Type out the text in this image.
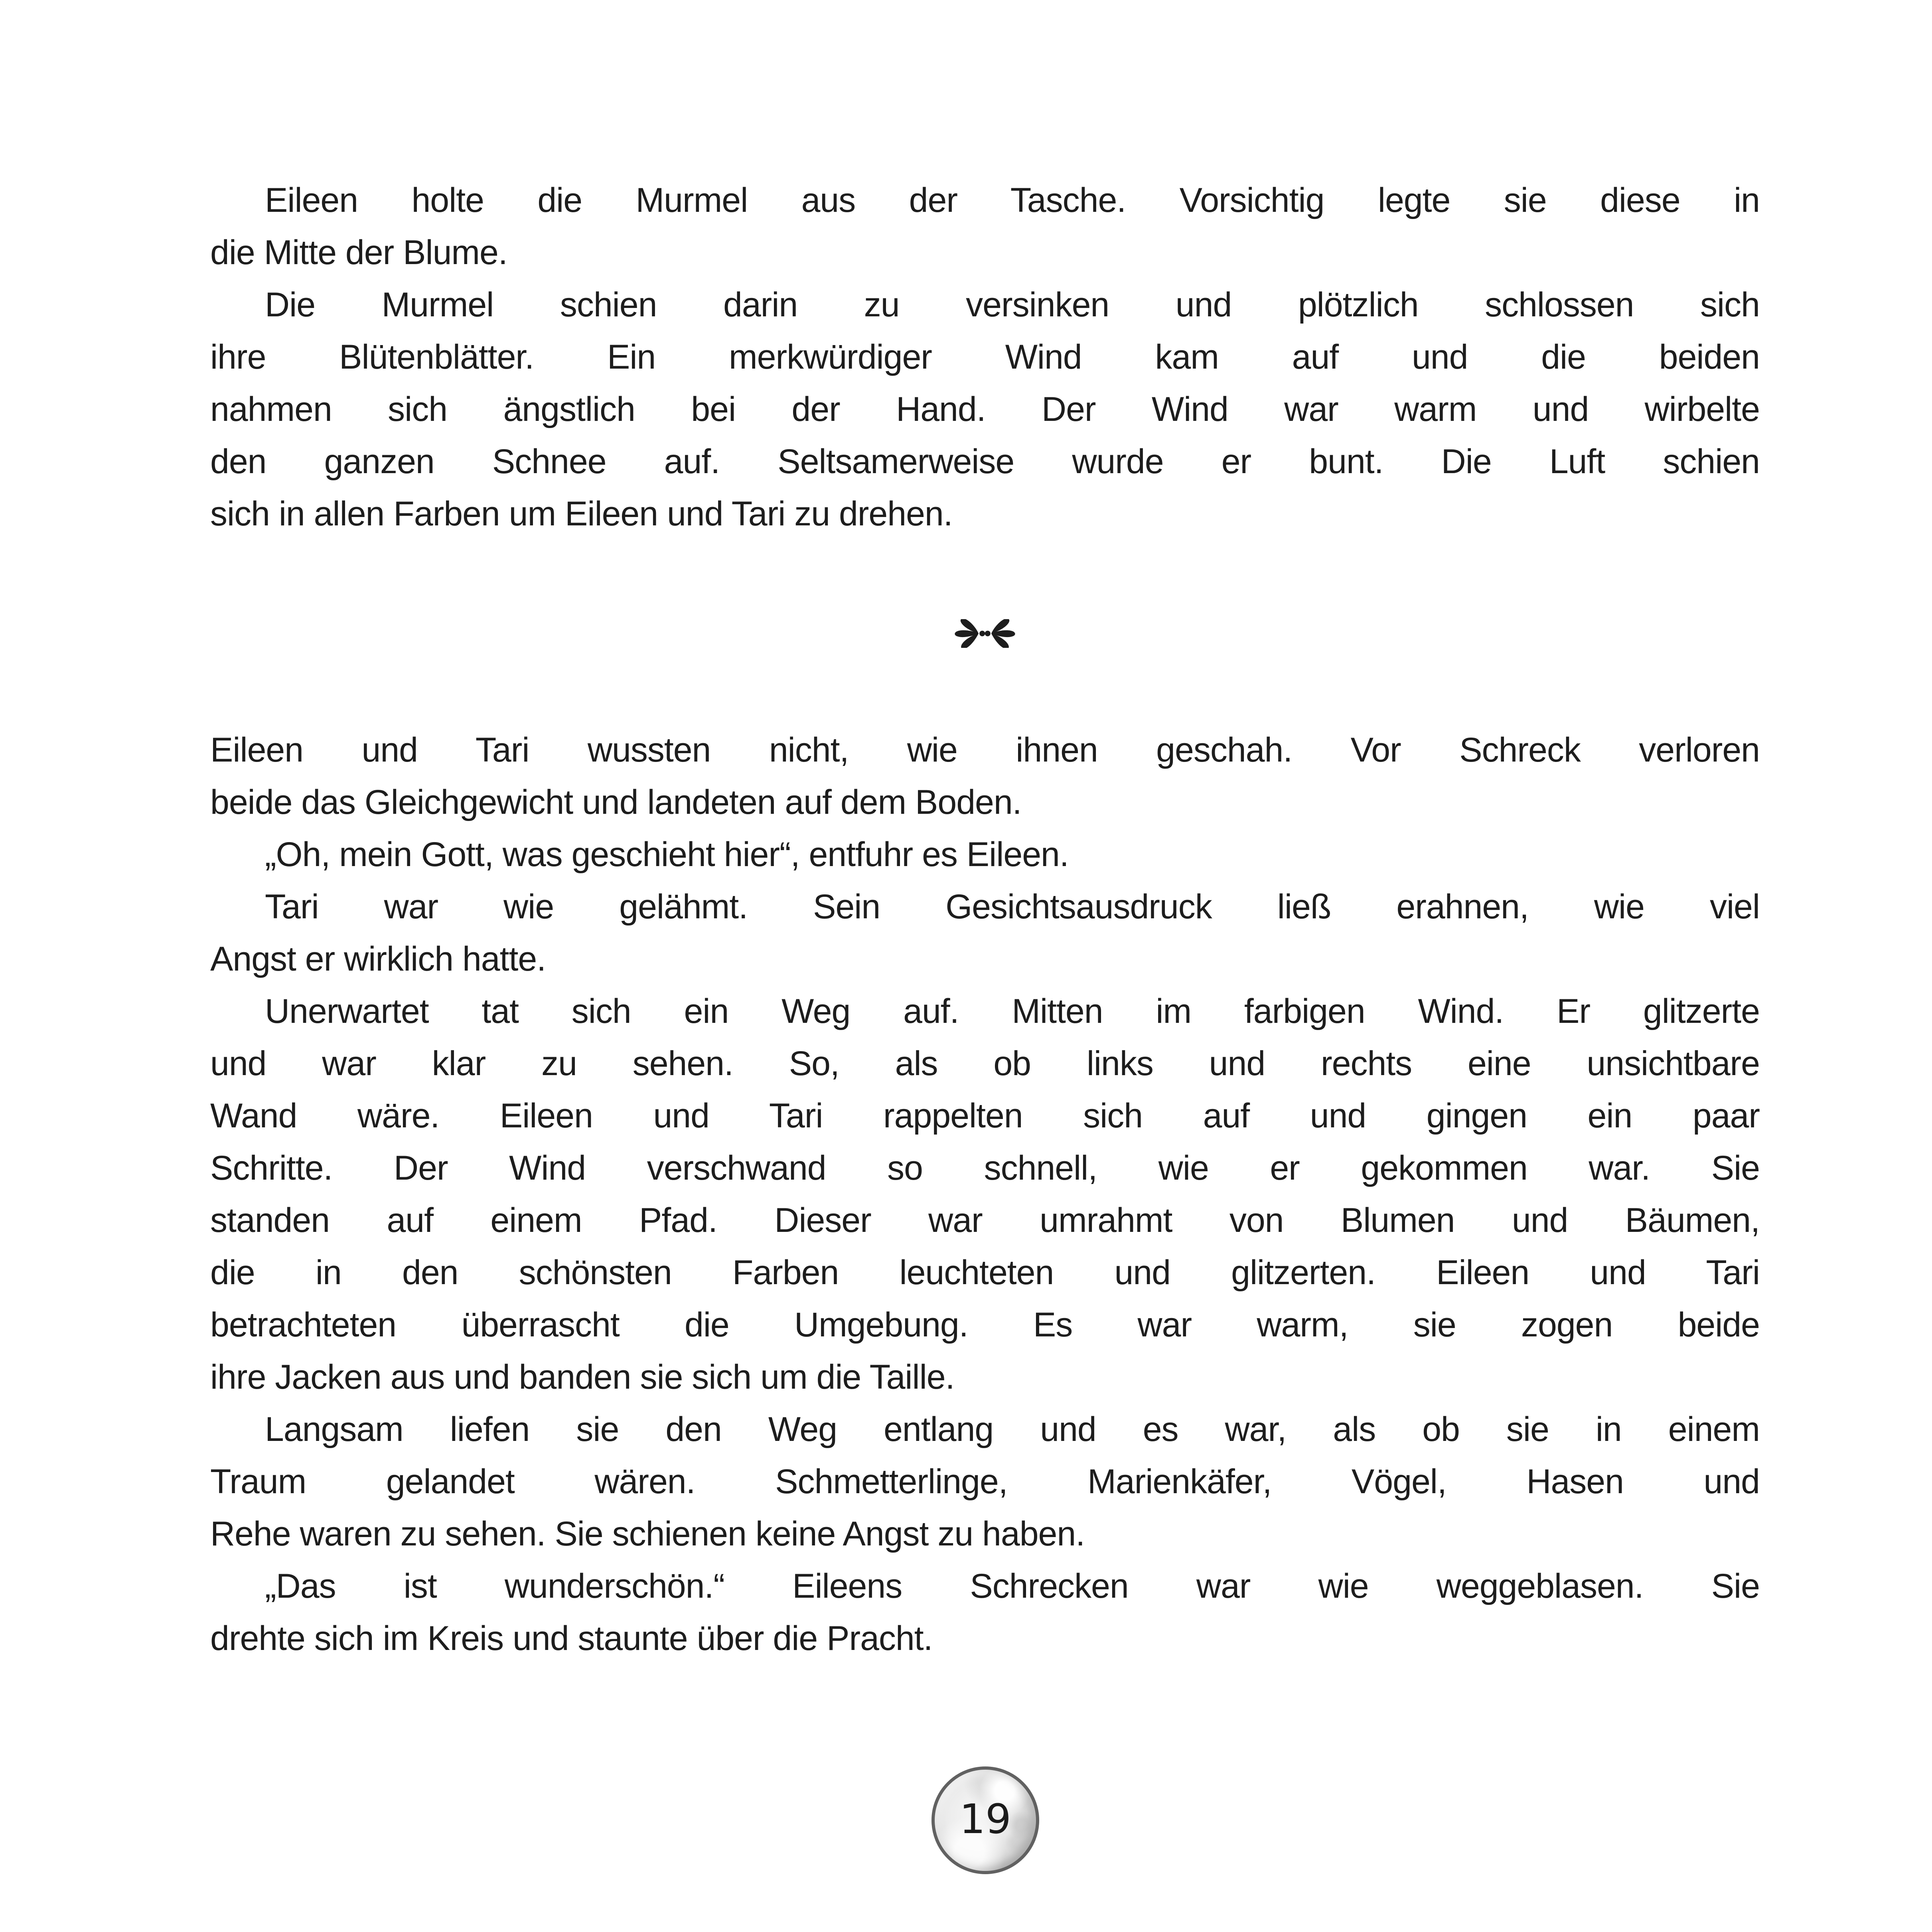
Eileen holte die Murmel aus der Tasche. Vorsichtig legte sie diese in
die Mitte der Blume.
Die Murmel schien darin zu versinken und plötzlich schlossen sich
ihre Blütenblätter. Ein merkwürdiger Wind kam auf und die beiden
nahmen sich ängstlich bei der Hand. Der Wind war warm und wirbelte
den ganzen Schnee auf. Seltsamerweise wurde er bunt. Die Luft schien
sich in allen Farben um Eileen und Tari zu drehen.
Eileen und Tari wussten nicht, wie ihnen geschah. Vor Schreck verloren
beide das Gleichgewicht und landeten auf dem Boden.
„Oh, mein Gott, was geschieht hier“, entfuhr es Eileen.
Tari war wie gelähmt. Sein Gesichtsausdruck ließ erahnen, wie viel
Angst er wirklich hatte.
Unerwartet tat sich ein Weg auf. Mitten im farbigen Wind. Er glitzerte
und war klar zu sehen. So, als ob links und rechts eine unsichtbare
Wand wäre. Eileen und Tari rappelten sich auf und gingen ein paar
Schritte. Der Wind verschwand so schnell, wie er gekommen war. Sie
standen auf einem Pfad. Dieser war umrahmt von Blumen und Bäumen,
die in den schönsten Farben leuchteten und glitzerten. Eileen und Tari
betrachteten überrascht die Umgebung. Es war warm, sie zogen beide
ihre Jacken aus und banden sie sich um die Taille.
Langsam liefen sie den Weg entlang und es war, als ob sie in einem
Traum gelandet wären. Schmetterlinge, Marienkäfer, Vögel, Hasen und
Rehe waren zu sehen. Sie schienen keine Angst zu haben.
„Das ist wunderschön.“ Eileens Schrecken war wie weggeblasen. Sie
drehte sich im Kreis und staunte über die Pracht.
19
